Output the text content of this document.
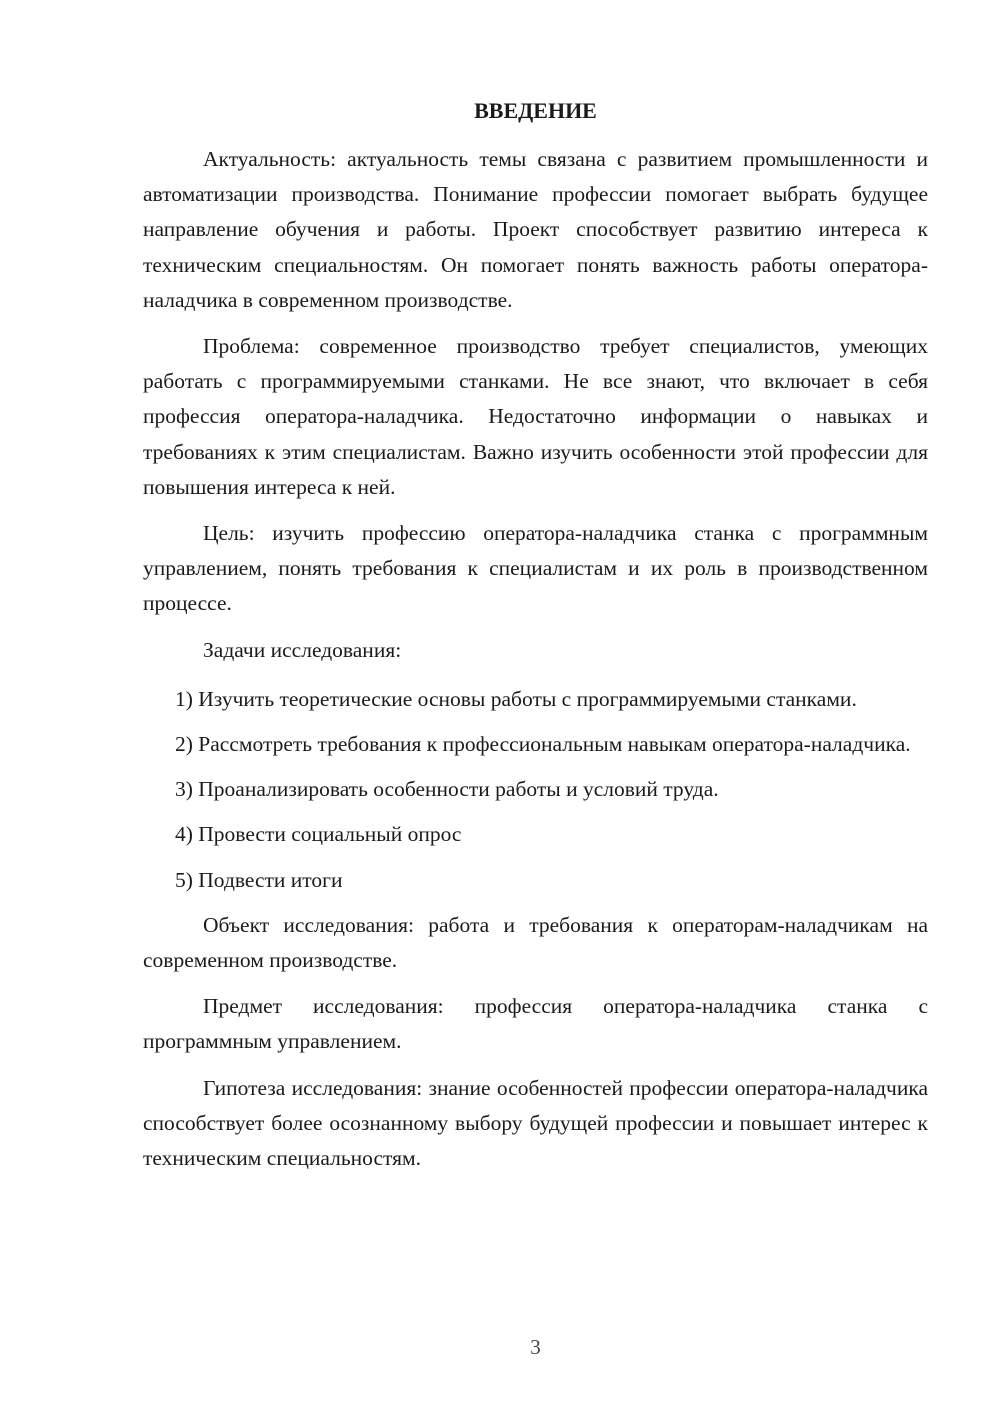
ВВЕДЕНИЕ

Актуальность: актуальность темы связана с развитием промышленности и автоматизации производства. Понимание профессии помогает выбрать будущее направление обучения и работы. Проект способствует развитию интереса к техническим специальностям. Он помогает понять важность работы оператора-наладчика в современном производстве.

Проблема: современное производство требует специалистов, умеющих работать с программируемыми станками. Не все знают, что включает в себя профессия оператора-наладчика. Недостаточно информации о навыках и требованиях к этим специалистам. Важно изучить особенности этой профессии для повышения интереса к ней.

Цель: изучить профессию оператора-наладчика станка с программным управлением, понять требования к специалистам и их роль в производственном процессе.

Задачи исследования:

1) Изучить теоретические основы работы с программируемыми станками.

2) Рассмотреть требования к профессиональным навыкам оператора-наладчика.

3) Проанализировать особенности работы и условий труда.

4) Провести социальный опрос

5) Подвести итоги

Объект исследования: работа и требования к операторам-наладчикам на современном производстве.

Предмет исследования: профессия оператора-наладчика станка с программным управлением.

Гипотеза исследования: знание особенностей профессии оператора-наладчика способствует более осознанному выбору будущей профессии и повышает интерес к техническим специальностям.

3
